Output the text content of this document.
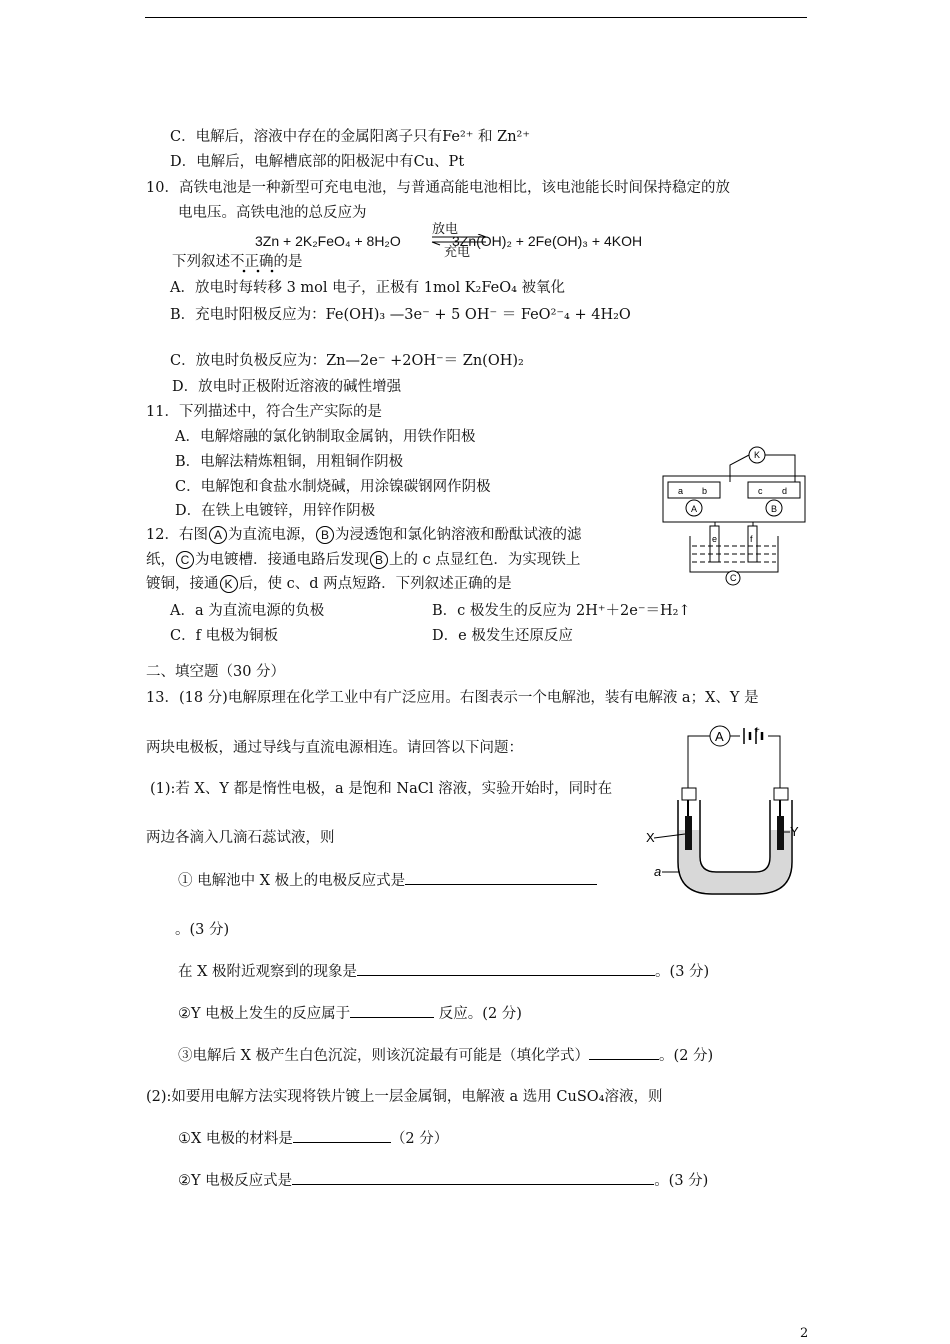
C．电解后，溶液中存在的金属阳离子只有Fe²⁺ 和 Zn²⁺
D．电解后，电解槽底部的阳极泥中有Cu、Pt
10．高铁电池是一种新型可充电电池，与普通高能电池相比，该电池能长时间保持稳定的放
电电压。高铁电池的总反应为
3Zn + 2K₂FeO₄ + 8H₂O
放电
充电
3Zn(OH)₂ + 2Fe(OH)₃ + 4KOH
下列叙述不正确的是
A．放电时每转移 3 mol 电子，正极有 1mol K₂FeO₄ 被氧化
B．充电时阳极反应为：Fe(OH)₃ —3e⁻ + 5 OH⁻ ＝ FeO²⁻₄ + 4H₂O
C．放电时负极反应为：Zn—2e⁻ +2OH⁻＝ Zn(OH)₂
D．放电时正极附近溶液的碱性增强
11．下列描述中，符合生产实际的是
A．电解熔融的氯化钠制取金属钠，用铁作阳极
B．电解法精炼粗铜，用粗铜作阴极
C．电解饱和食盐水制烧碱，用涂镍碳钢网作阴极
D．在铁上电镀锌，用锌作阴极
12．右图 A 为直流电源， B 为浸透饱和氯化钠溶液和酚酞试液的滤
纸， C 为电镀槽．接通电路后发现 B 上的 c 点显红色．为实现铁上
镀铜，接通 K 后，使 c、d 两点短路．下列叙述正确的是
A．a 为直流电源的负极	B．c 极发生的反应为 2H⁺＋2e⁻＝H₂↑
C．f 电极为铜板	D．e 极发生还原反应
K
a b	c d
A	B
e	f
C
二、填空题（30 分）
13．(18 分)电解原理在化学工业中有广泛应用。右图表示一个电解池，装有电解液 a；X、Y 是
两块电极板，通过导线与直流电源相连。请回答以下问题：
(1):若 X、Y 都是惰性电极，a 是饱和 NaCl 溶液，实验开始时，同时在
两边各滴入几滴石蕊试液，则
① 电解池中 X 极上的电极反应式是
。(3 分)
在 X 极附近观察到的现象是	。(3 分)
②Y 电极上发生的反应属于	反应。(2 分)
③电解后 X 极产生白色沉淀，则该沉淀最有可能是（填化学式）	。(2 分)
(2):如要用电解方法实现将铁片镀上一层金属铜，电解液 a 选用 CuSO₄溶液，则
①X 电极的材料是	（2 分）
②Y 电极反应式是	。(3 分)
A	+
X	Y
a
2
